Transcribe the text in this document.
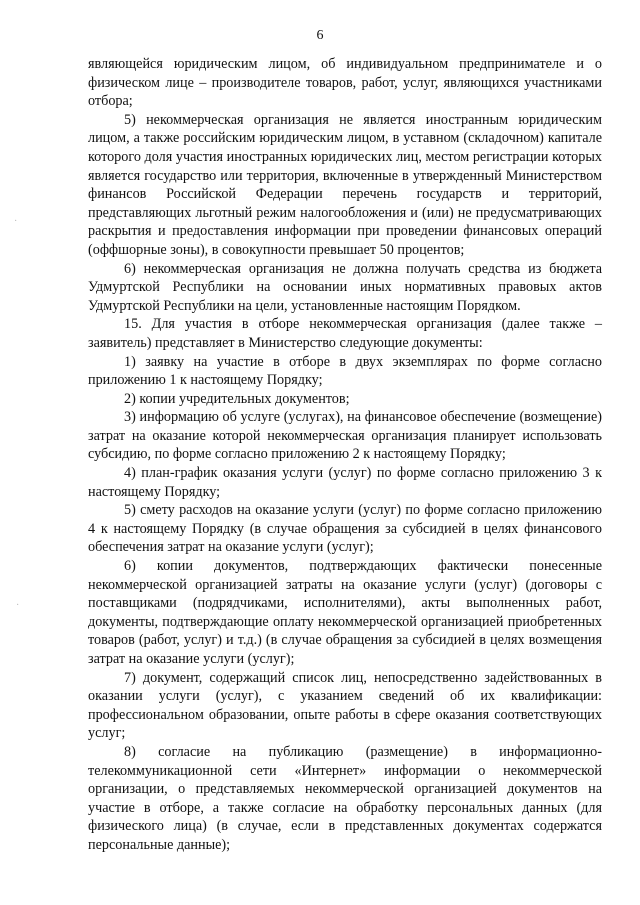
6

являющейся юридическим лицом, об индивидуальном предпринимателе и о физическом лице – производителе товаров, работ, услуг, являющихся участниками отбора;

5) некоммерческая организация не является иностранным юридическим лицом, а также российским юридическим лицом, в уставном (складочном) капитале которого доля участия иностранных юридических лиц, местом регистрации которых является государство или территория, включенные в утвержденный Министерством финансов Российской Федерации перечень государств и территорий, представляющих льготный режим налогообложения и (или) не предусматривающих раскрытия и предоставления информации при проведении финансовых операций (оффшорные зоны), в совокупности превышает 50 процентов;

6) некоммерческая организация не должна получать средства из бюджета Удмуртской Республики на основании иных нормативных правовых актов Удмуртской Республики на цели, установленные настоящим Порядком.

15. Для участия в отборе некоммерческая организация (далее также – заявитель) представляет в Министерство следующие документы:

1) заявку на участие в отборе в двух экземплярах по форме согласно приложению 1 к настоящему Порядку;

2) копии учредительных документов;

3) информацию об услуге (услугах), на финансовое обеспечение (возмещение) затрат на оказание которой некоммерческая организация планирует использовать субсидию, по форме согласно приложению 2 к настоящему Порядку;

4) план-график оказания услуги (услуг) по форме согласно приложению 3 к настоящему Порядку;

5) смету расходов на оказание услуги (услуг) по форме согласно приложению 4 к настоящему Порядку (в случае обращения за субсидией в целях финансового обеспечения затрат на оказание услуги (услуг);

6) копии документов, подтверждающих фактически понесенные некоммерческой организацией затраты на оказание услуги (услуг) (договоры с поставщиками (подрядчиками, исполнителями), акты выполненных работ, документы, подтверждающие оплату некоммерческой организацией приобретенных товаров (работ, услуг) и т.д.) (в случае обращения за субсидией в целях возмещения затрат на оказание услуги (услуг);

7) документ, содержащий список лиц, непосредственно задействованных в оказании услуги (услуг), с указанием сведений об их квалификации: профессиональном образовании, опыте работы в сфере оказания соответствующих услуг;

8) согласие на публикацию (размещение) в информационно-телекоммуникационной сети «Интернет» информации о некоммерческой организации, о представляемых некоммерческой организацией документов на участие в отборе, а также согласие на обработку персональных данных (для физического лица) (в случае, если в представленных документах содержатся персональные данные);

·
·
